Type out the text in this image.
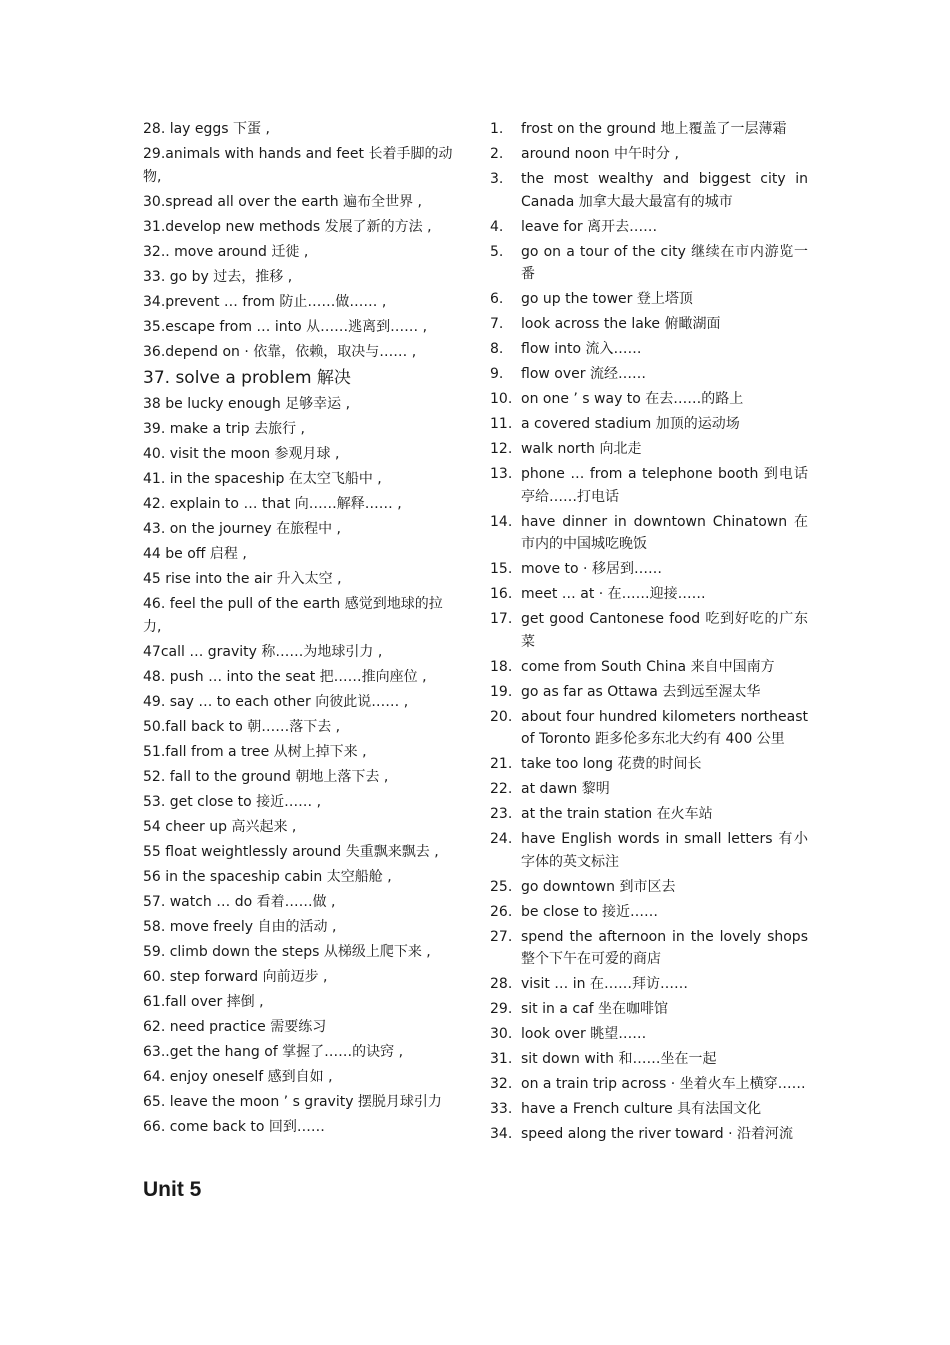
28. lay eggs 下蛋 ,
29.animals with hands and feet 长着手脚的动物,
30.spread all over the earth 遍布全世界 ,
31.develop new methods 发展了新的方法 ,
32.. move around 迁徙 ,
33. go by 过去，推移 ,
34.prevent … from 防止……做…… ,
35.escape from … into 从……逃离到…… ,
36.depend on · 依靠，依赖，取决与…… ,
37. solve a problem 解决
38 be lucky enough 足够幸运 ,
39. make a trip 去旅行 ,
40. visit the moon 参观月球 ,
41. in the spaceship 在太空飞船中 ,
42. explain to … that 向……解释…… ,
43. on the journey 在旅程中 ,
44 be off 启程 ,
45 rise into the air 升入太空 ,
46. feel the pull of the earth 感觉到地球的拉力,
47call … gravity 称……为地球引力 ,
48. push … into the seat 把……推向座位 ,
49. say … to each other 向彼此说…… ,
50.fall back to 朝……落下去 ,
51.fall from a tree 从树上掉下来 ,
52. fall to the ground 朝地上落下去 ,
53. get close to 接近…… ,
54 cheer up 高兴起来 ,
55 float weightlessly around 失重飘来飘去 ,
56 in the spaceship cabin 太空船舱 ,
57. watch … do 看着……做 ,
58. move freely 自由的活动 ,
59. climb down the steps 从梯级上爬下来 ,
60. step forward 向前迈步 ,
61.fall over 摔倒 ,
62. need practice 需要练习
63..get the hang of 掌握了……的诀窍 ,
64. enjoy oneself 感到自如 ,
65. leave the moon ’ s gravity 摆脱月球引力
66. come back to 回到……
1.	frost on the ground 地上覆盖了一层薄霜
2.	around noon 中午时分 ,
3.	the most wealthy and biggest city in Canada 加拿大最大最富有的城市
4.	leave for 离开去……
5.	go on a tour of the city 继续在市内游览一番
6.	go up the tower 登上塔顶
7.	look across the lake 俯瞰湖面
8.	flow into 流入……
9.	flow over 流经……
10. on one ’ s way to 在去……的路上
11. a covered stadium 加顶的运动场
12. walk north 向北走
13. phone … from a telephone booth 到电话亭给……打电话
14. have dinner in downtown Chinatown 在市内的中国城吃晚饭
15. move to · 移居到……
16. meet … at · 在……迎接……
17. get good Cantonese food 吃到好吃的广东菜
18. come from South China 来自中国南方
19. go as far as Ottawa 去到远至渥太华
20. about four hundred kilometers northeast of Toronto 距多伦多东北大约有 400 公里
21. take too long 花费的时间长
22. at dawn 黎明
23. at the train station 在火车站
24. have English words in small letters 有小字体的英文标注
25. go downtown 到市区去
26. be close to 接近……
27. spend the afternoon in the lovely shops 整个下午在可爱的商店
28. visit … in 在……拜访……
29. sit in a caf 坐在咖啡馆
30. look over 眺望……
31. sit down with 和……坐在一起
32. on a train trip across · 坐着火车上横穿……
33. have a French culture 具有法国文化
34. speed along the river toward · 沿着河流
Unit 5
